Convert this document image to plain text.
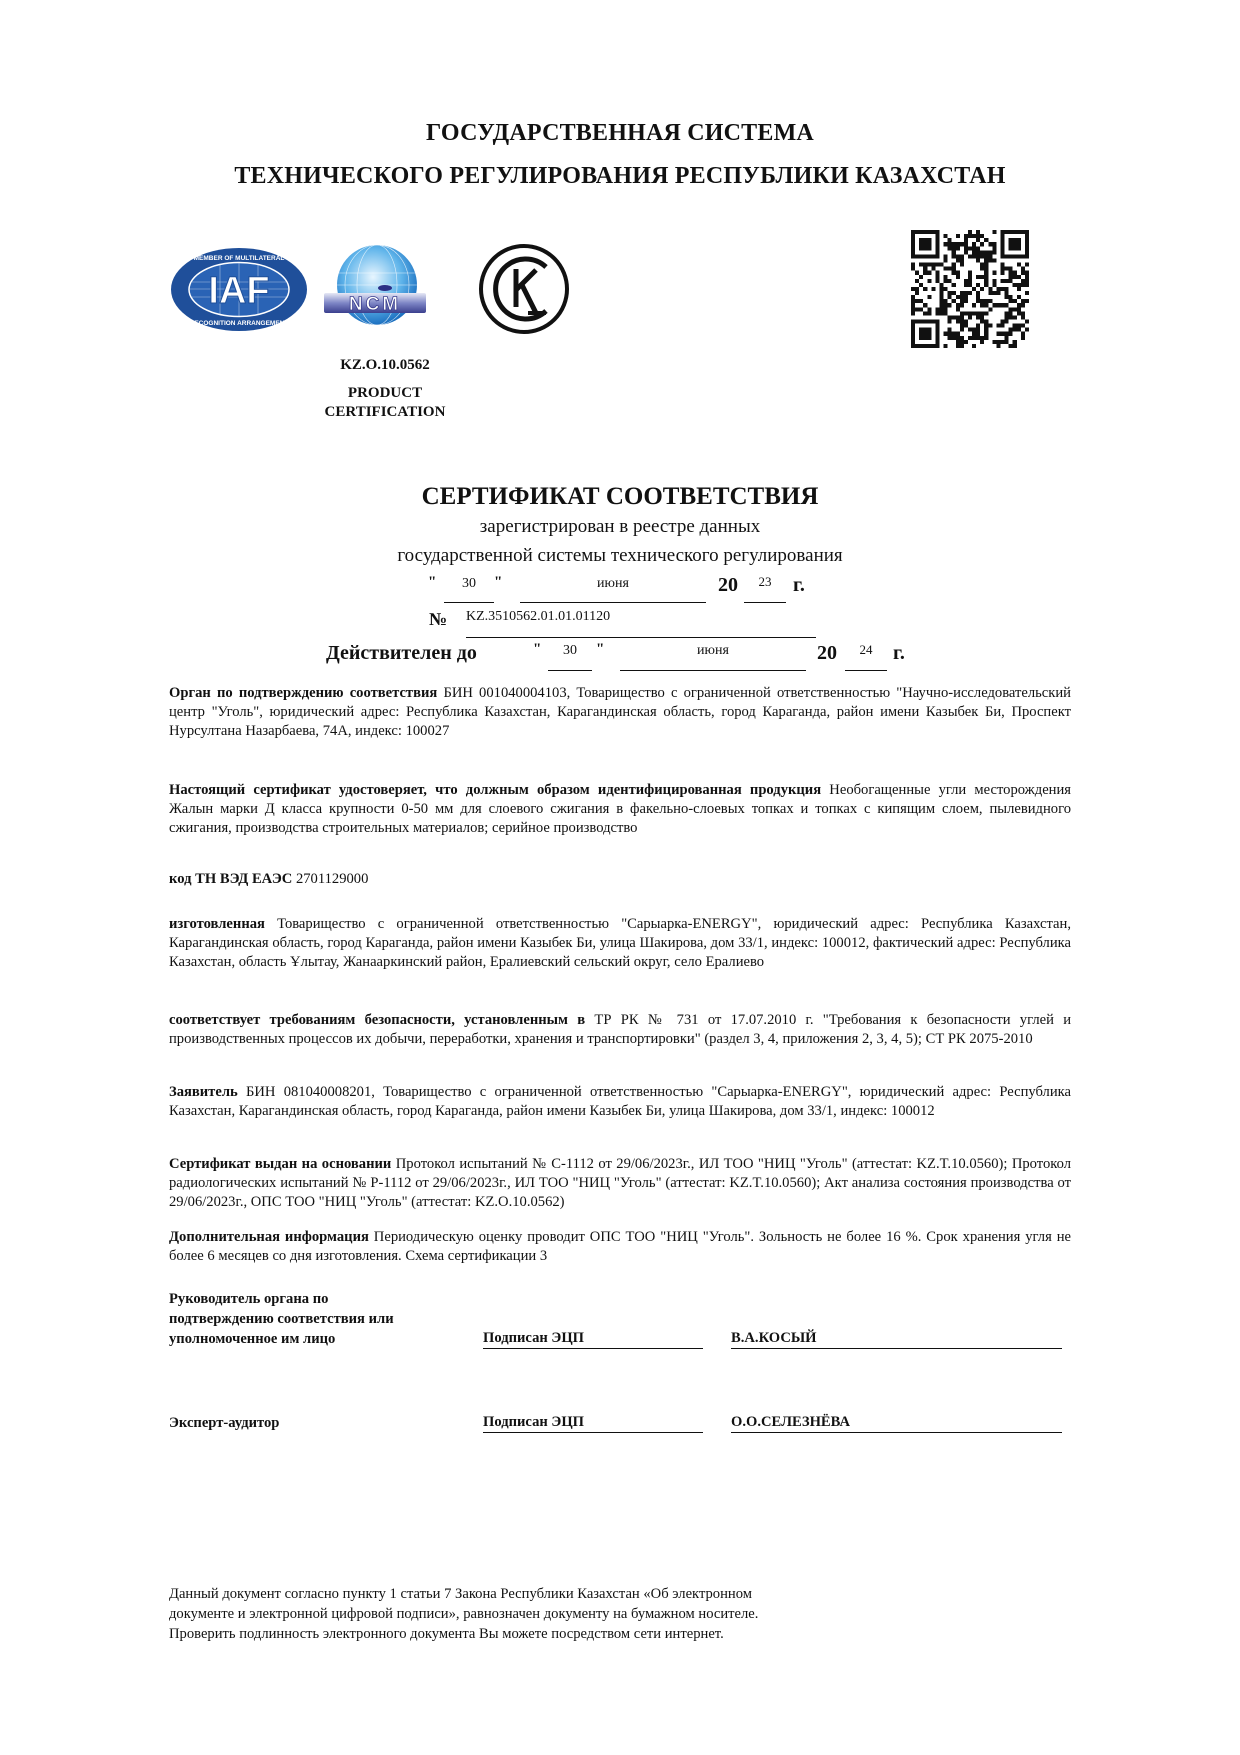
ГОСУДАРСТВЕННАЯ СИСТЕМА
ТЕХНИЧЕСКОГО РЕГУЛИРОВАНИЯ РЕСПУБЛИКИ КАЗАХСТАН
IAF
MEMBER OF MULTILATERAL
RECOGNITION ARRANGEMENT
NCM
KZ.O.10.0562
PRODUCT
CERTIFICATION
СЕРТИФИКАТ СООТВЕТСТВИЯ
зарегистрирован в реестре данных
государственной системы технического регулирования
"	30	"	июня	20	23	г.
№ KZ.3510562.01.01.01120
Действителен до	"	30	"	июня	20	24	г.
Орган по подтверждению соответствия БИН 001040004103, Товарищество с ограниченной ответственностью "Научно-исследовательский центр "Уголь", юридический адрес: Республика Казахстан, Карагандинская область, город Караганда, район имени Казыбек Би, Проспект Нурсултана Назарбаева, 74А, индекс: 100027
Настоящий сертификат удостоверяет, что должным образом идентифицированная продукция Необогащенные угли месторождения Жалын марки Д класса крупности 0-50 мм для слоевого сжигания в факельно-слоевых топках и топках с кипящим слоем, пылевидного сжигания, производства строительных материалов; серийное производство
код ТН ВЭД ЕАЭС 2701129000
изготовленная Товарищество с ограниченной ответственностью "Сарыарка-ENERGY", юридический адрес: Республика Казахстан, Карагандинская область, город Караганда, район имени Казыбек Би, улица Шакирова, дом 33/1, индекс: 100012, фактический адрес: Республика Казахстан, область Ұлытау, Жанааркинский район, Ералиевский сельский округ, село Ералиево
соответствует требованиям безопасности, установленным в ТР РК № 731 от 17.07.2010 г. "Требования к безопасности углей и производственных процессов их добычи, переработки, хранения и транспортировки" (раздел 3, 4, приложения 2, 3, 4, 5); СТ РК 2075-2010
Заявитель БИН 081040008201, Товарищество с ограниченной ответственностью "Сарыарка-ENERGY", юридический адрес: Республика Казахстан, Карагандинская область, город Караганда, район имени Казыбек Би, улица Шакирова, дом 33/1, индекс: 100012
Сертификат выдан на основании Протокол испытаний № С-1112 от 29/06/2023г., ИЛ ТОО "НИЦ "Уголь" (аттестат: KZ.T.10.0560); Протокол радиологических испытаний № Р-1112 от 29/06/2023г., ИЛ ТОО "НИЦ "Уголь" (аттестат: KZ.T.10.0560); Акт анализа состояния производства от 29/06/2023г., ОПС ТОО "НИЦ "Уголь" (аттестат: KZ.O.10.0562)
Дополнительная информация Периодическую оценку проводит ОПС ТОО "НИЦ "Уголь". Зольность не более 16 %. Срок хранения угля не более 6 месяцев со дня изготовления. Схема сертификации 3
Руководитель органа по
подтверждению соответствия или
уполномоченное им лицо	Подписан ЭЦП	В.А.КОСЫЙ
Эксперт-аудитор	Подписан ЭЦП	О.О.СЕЛЕЗНЁВА
Данный документ согласно пункту 1 статьи 7 Закона Республики Казахстан «Об электронном
документе и электронной цифровой подписи», равнозначен документу на бумажном носителе.
Проверить подлинность электронного документа Вы можете посредством сети интернет.
